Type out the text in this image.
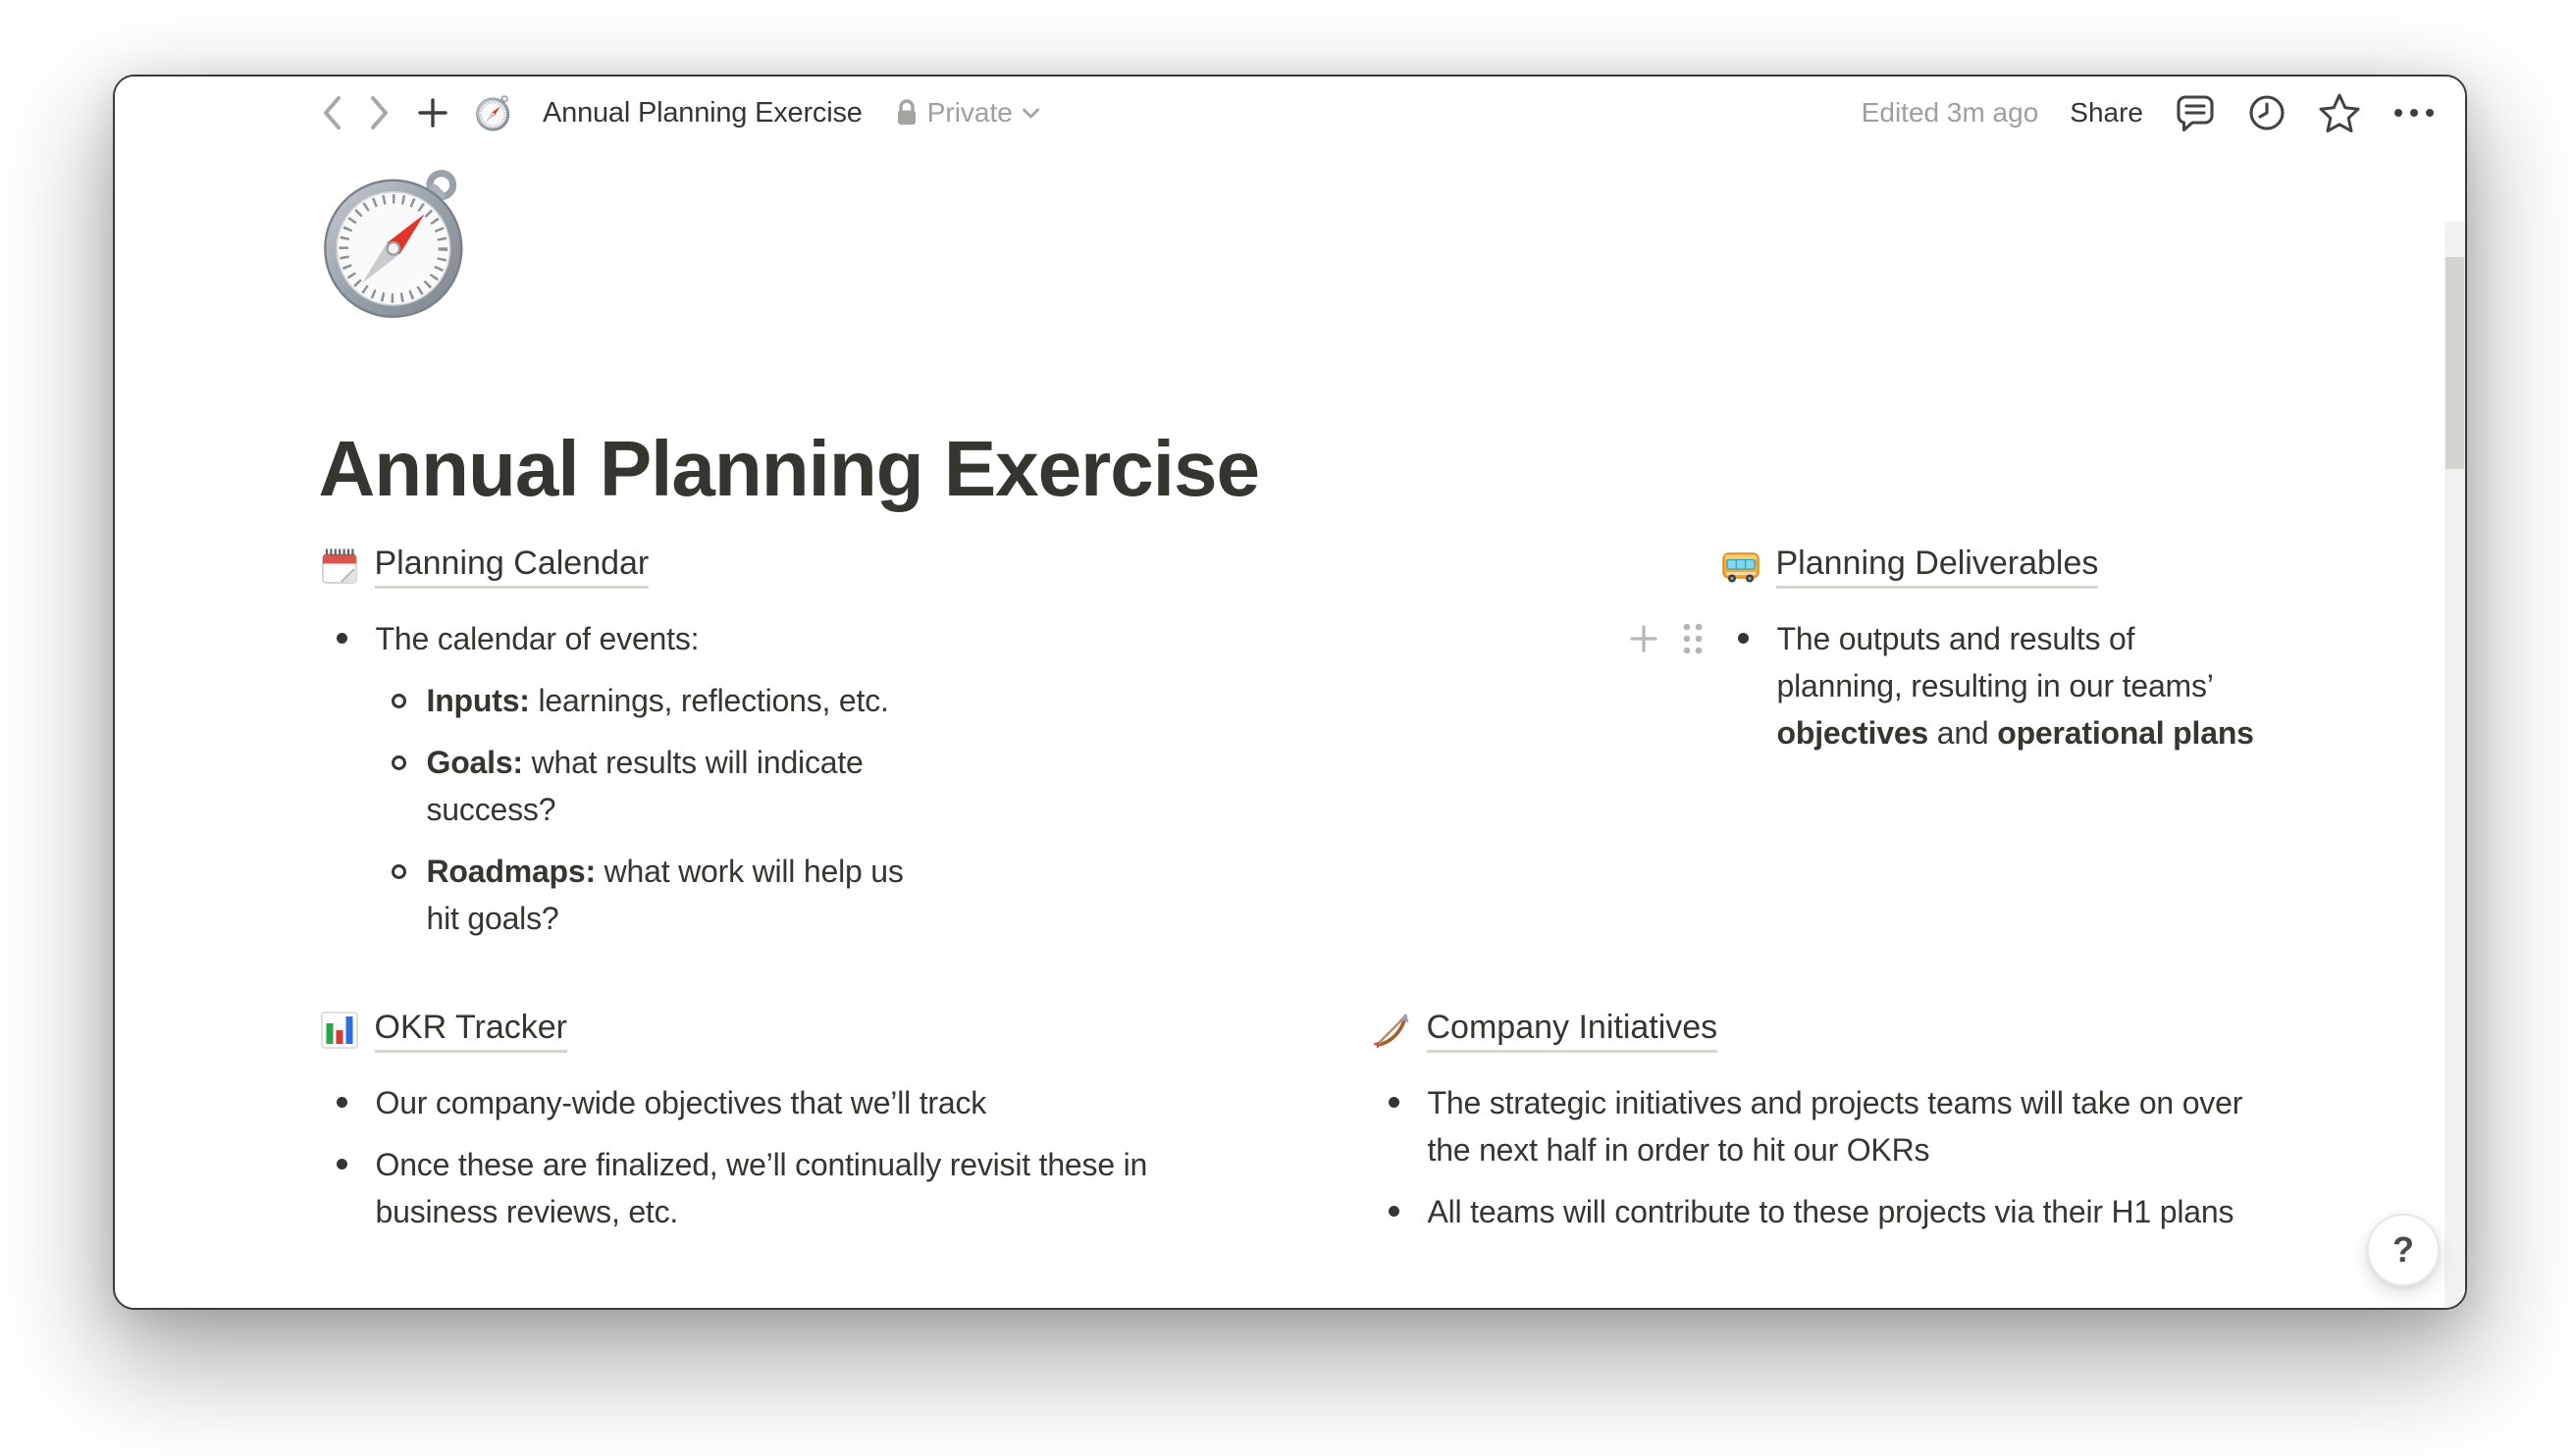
Annual Planning Exercise Private	Edited 3m ago Share
Annual Planning Exercise
Planning Calendar
The calendar of events:
Inputs: learnings, reflections, etc.
Goals: what results will indicate success?
Roadmaps: what work will help us hit goals?
Planning Deliverables
The outputs and results of planning, resulting in our teams’ objectives and operational plans
OKR Tracker
Our company-wide objectives that we’ll track
Once these are finalized, we’ll continually revisit these in business reviews, etc.
Company Initiatives
The strategic initiatives and projects teams will take on over the next half in order to hit our OKRs
All teams will contribute to these projects via their H1 plans
?
